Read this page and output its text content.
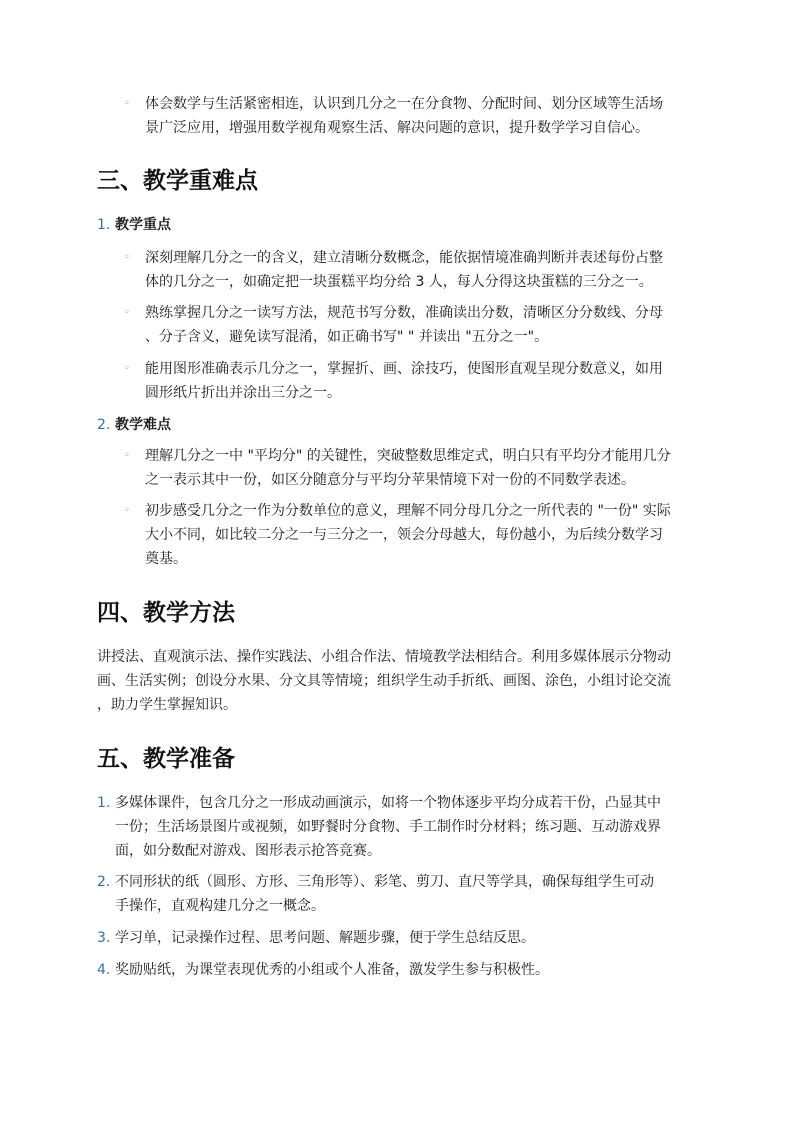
◦ 体会数学与生活紧密相连，认识到几分之一在分食物、分配时间、划分区域等生活场
景广泛应用，增强用数学视角观察生活、解决问题的意识，提升数学学习自信心。
三、教学重难点
1. 教学重点
◦ 深刻理解几分之一的含义，建立清晰分数概念，能依据情境准确判断并表述每份占整
体的几分之一，如确定把一块蛋糕平均分给 3 人，每人分得这块蛋糕的三分之一。
◦ 熟练掌握几分之一读写方法，规范书写分数，准确读出分数，清晰区分分数线、分母
、分子含义，避免读写混淆，如正确书写" " 并读出 "五分之一"。
◦ 能用图形准确表示几分之一，掌握折、画、涂技巧，使图形直观呈现分数意义，如用
圆形纸片折出并涂出三分之一。
2. 教学难点
◦ 理解几分之一中 "平均分" 的关键性，突破整数思维定式，明白只有平均分才能用几分
之一表示其中一份，如区分随意分与平均分苹果情境下对一份的不同数学表述。
◦ 初步感受几分之一作为分数单位的意义，理解不同分母几分之一所代表的 "一份" 实际
大小不同，如比较二分之一与三分之一，领会分母越大，每份越小，为后续分数学习
奠基。
四、教学方法
讲授法、直观演示法、操作实践法、小组合作法、情境教学法相结合。利用多媒体展示分物动
画、生活实例；创设分水果、分文具等情境；组织学生动手折纸、画图、涂色，小组讨论交流
，助力学生掌握知识。
五、教学准备
1. 多媒体课件，包含几分之一形成动画演示，如将一个物体逐步平均分成若干份，凸显其中
一份；生活场景图片或视频，如野餐时分食物、手工制作时分材料；练习题、互动游戏界
面，如分数配对游戏、图形表示抢答竞赛。
2. 不同形状的纸（圆形、方形、三角形等）、彩笔、剪刀、直尺等学具，确保每组学生可动
手操作，直观构建几分之一概念。
3. 学习单，记录操作过程、思考问题、解题步骤，便于学生总结反思。
4. 奖励贴纸，为课堂表现优秀的小组或个人准备，激发学生参与积极性。
